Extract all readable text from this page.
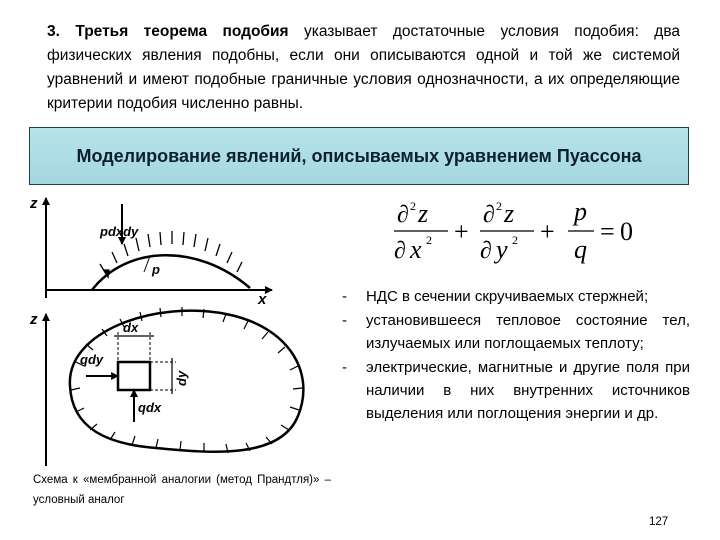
3. Третья теорема подобия указывает достаточные условия подобия: два физических явления подобны, если они описываются одной и той же системой уравнений и имеют подобные граничные условия однозначности, а их определяющие критерии подобия численно равны.

Моделирование явлений, описываемых уравнением Пуассона
z
x
pdxdy
p
z	dx
dy
qdy
qdx
∂ 2 z
∂ x 2 +
∂ 2 z
∂ y 2 +
p
q
= 0
- НДС в сечении скручиваемых стержней;
- установившееся тепловое состояние тел, излучаемых или поглощаемых теплоту;
- электрические, магнитные и другие поля при наличии в них внутренних источников выделения или поглощения энергии и др.
Схема к «мембранной аналогии (метод Прандтля)» – условный аналог
127
